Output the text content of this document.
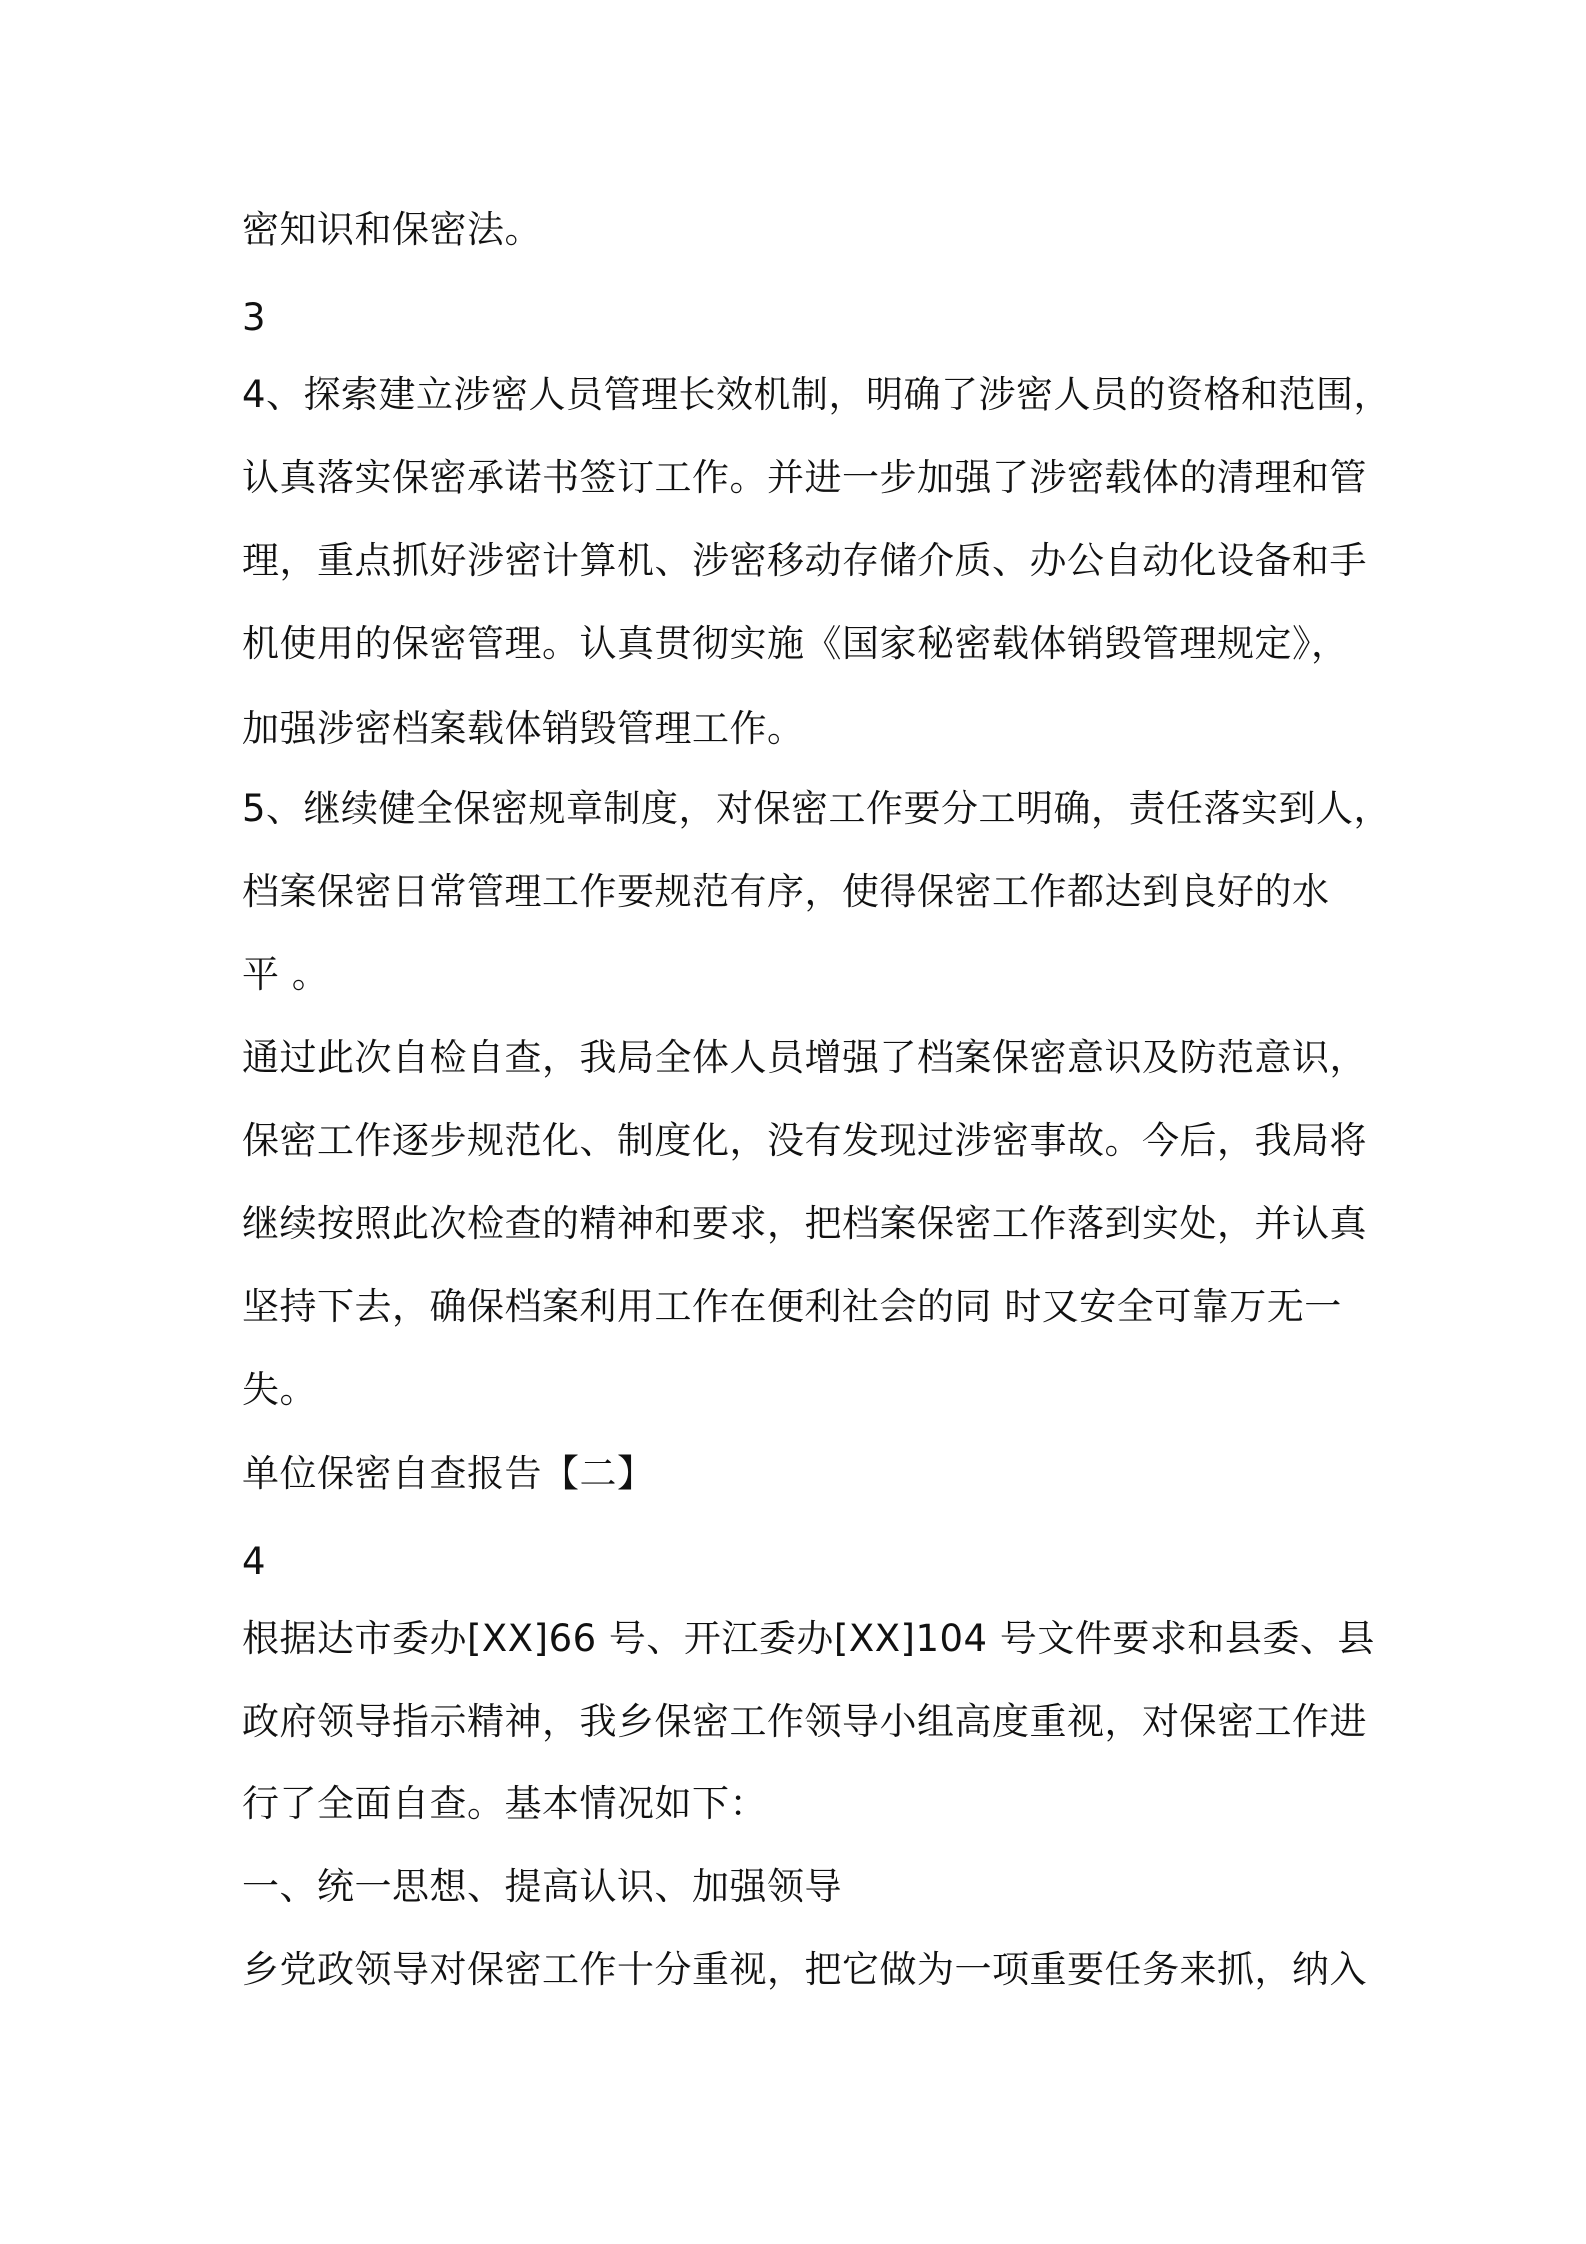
密知识和保密法。
3
4、探索建立涉密人员管理长效机制，明确了涉密人员的资格和范围，
认真落实保密承诺书签订工作。并进一步加强了涉密载体的清理和管
理，重点抓好涉密计算机、涉密移动存储介质、办公自动化设备和手
机使用的保密管理。认真贯彻实施《国家秘密载体销毁管理规定》，
加强涉密档案载体销毁管理工作。
5、继续健全保密规章制度，对保密工作要分工明确，责任落实到人，
档案保密日常管理工作要规范有序，使得保密工作都达到良好的水
平 。
通过此次自检自查，我局全体人员增强了档案保密意识及防范意识，
保密工作逐步规范化、制度化，没有发现过涉密事故。今后，我局将
继续按照此次检查的精神和要求，把档案保密工作落到实处，并认真
坚持下去，确保档案利用工作在便利社会的同 时又安全可靠万无一
失。
单位保密自查报告【二】
4
根据达市委办[XX]66 号、开江委办[XX]104 号文件要求和县委、县
政府领导指示精神，我乡保密工作领导小组高度重视，对保密工作进
行了全面自查。基本情况如下：
一、统一思想、提高认识、加强领导
乡党政领导对保密工作十分重视，把它做为一项重要任务来抓，纳入
